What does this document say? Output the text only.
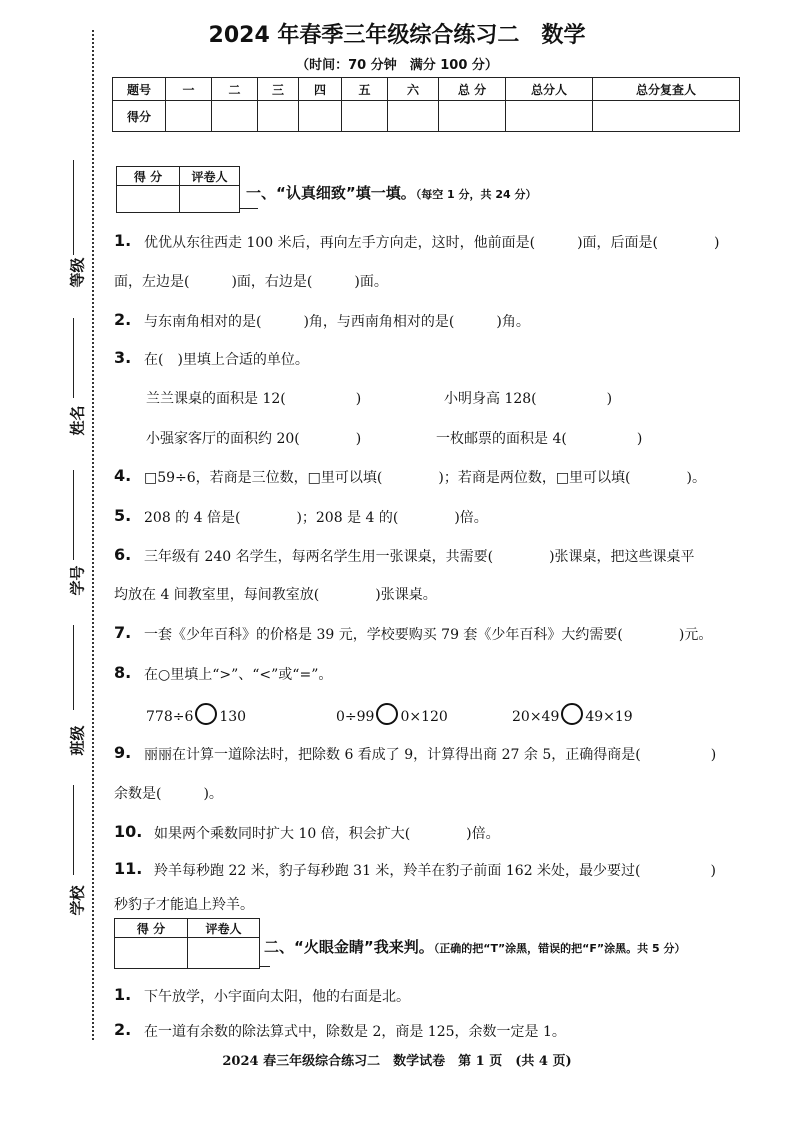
等级
姓名
学号
班级
学校
2024 年春季三年级综合练习二　数学
（时间：70 分钟　满分 100 分）
题号	一	二	三	四	五	六	总 分	总分人	总分复查人
得分									
得 分	评卷人

一、“认真细致”填一填。（每空 1 分，共 24 分）
1. 优优从东往西走 100 米后，再向左手方向走，这时，他前面是(　　　)面，后面是(　　　　)
面，左边是(　　　)面，右边是(　　　)面。
2. 与东南角相对的是(　　　)角，与西南角相对的是(　　　)角。
3. 在(　)里填上合适的单位。
兰兰课桌的面积是 12(　　　　　)	小明身高 128(　　　　　)
小强家客厅的面积约 20(　　　　)	一枚邮票的面积是 4(　　　　　)
4. □59÷6，若商是三位数，□里可以填(　　　　)；若商是两位数，□里可以填(　　　　)。
5. 208 的 4 倍是(　　　　)；208 是 4 的(　　　　)倍。
6. 三年级有 240 名学生，每两名学生用一张课桌，共需要(　　　　)张课桌，把这些课桌平
均放在 4 间教室里，每间教室放(　　　　)张课桌。
7. 一套《少年百科》的价格是 39 元，学校要购买 79 套《少年百科》大约需要(　　　　)元。
8. 在○里填上“>”、“<”或“=”。
778÷6 130	0÷99 0×120	20×49 49×19
9. 丽丽在计算一道除法时，把除数 6 看成了 9，计算得出商 27 余 5，正确得商是(　　　　　)
余数是(　　　)。
10. 如果两个乘数同时扩大 10 倍，积会扩大(　　　　)倍。
11. 羚羊每秒跑 22 米，豹子每秒跑 31 米，羚羊在豹子前面 162 米处，最少要过(　　　　　)
秒豹子才能追上羚羊。
得 分	评卷人

二、“火眼金睛”我来判。（正确的把“T”涂黑，错误的把“F”涂黑。共 5 分）
1. 下午放学，小宇面向太阳，他的右面是北。
2. 在一道有余数的除法算式中，除数是 2，商是 125，余数一定是 1。
2024 春三年级综合练习二　数学试卷　第 1 页　(共 4 页)
